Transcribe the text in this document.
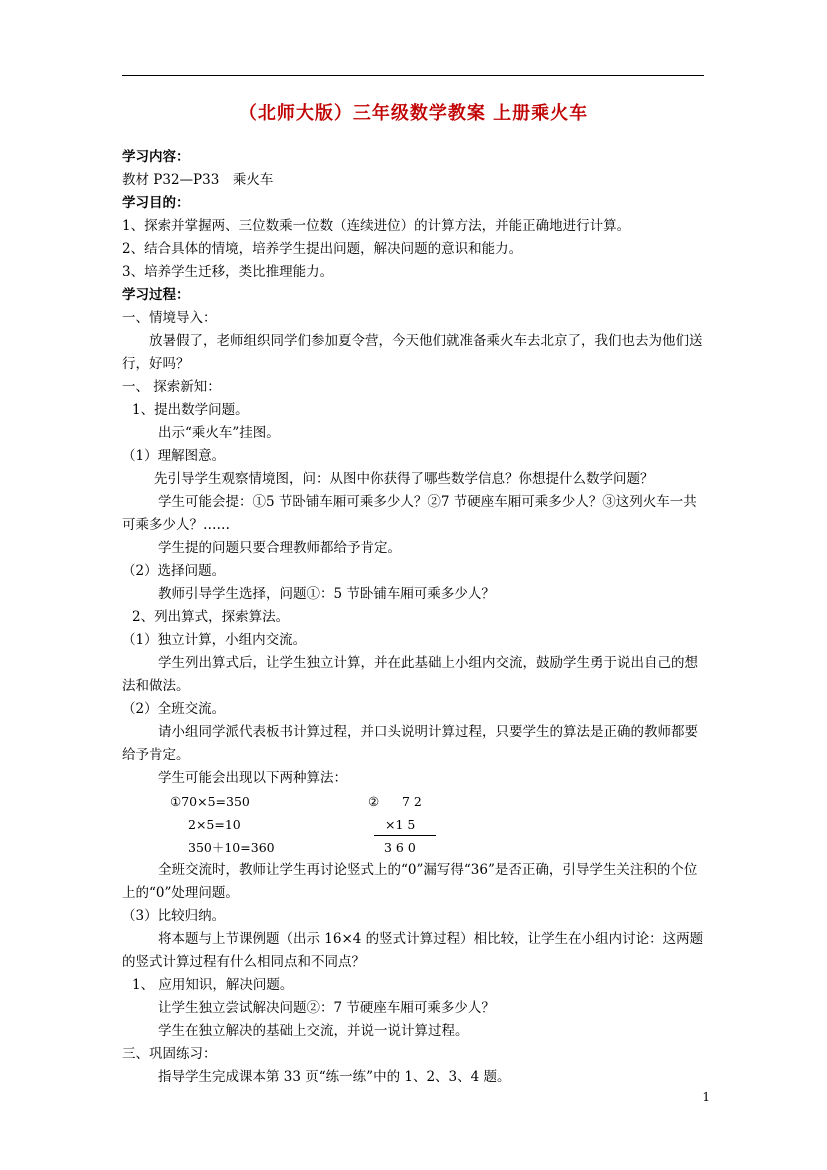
（北师大版）三年级数学教案 上册乘火车

学习内容：

教材 P32—P33　乘火车

学习目的：

1、探索并掌握两、三位数乘一位数（连续进位）的计算方法，并能正确地进行计算。

2、结合具体的情境，培养学生提出问题，解决问题的意识和能力。

3、培养学生迁移，类比推理能力。

学习过程：

一、情境导入：

放暑假了，老师组织同学们参加夏令营，今天他们就准备乘火车去北京了，我们也去为他们送行，好吗？

一、 探索新知：

1、提出数学问题。

出示“乘火车”挂图。

（1）理解图意。

先引导学生观察情境图，问：从图中你获得了哪些数学信息？你想提什么数学问题？

学生可能会提：①5 节卧铺车厢可乘多少人？②7 节硬座车厢可乘多少人？③这列火车一共可乘多少人？……

学生提的问题只要合理教师都给予肯定。

（2）选择问题。

教师引导学生选择，问题①：5 节卧铺车厢可乘多少人？

2、列出算式，探索算法。

（1）独立计算，小组内交流。

学生列出算式后，让学生独立计算，并在此基础上小组内交流，鼓励学生勇于说出自己的想法和做法。

（2）全班交流。

请小组同学派代表板书计算过程，并口头说明计算过程，只要学生的算法是正确的教师都要给予肯定。

学生可能会出现以下两种算法：

①70×5=350
2×5=10
350＋10=360
② 7 2
×1 5
3 6 0

全班交流时，教师让学生再讨论竖式上的“0”漏写得“36”是否正确，引导学生关注积的个位上的“0”处理问题。

（3）比较归纳。

将本题与上节课例题（出示 16×4 的竖式计算过程）相比较，让学生在小组内讨论：这两题的竖式计算过程有什么相同点和不同点？

1、 应用知识，解决问题。

让学生独立尝试解决问题②：7 节硬座车厢可乘多少人？

学生在独立解决的基础上交流，并说一说计算过程。

三、巩固练习：

指导学生完成课本第 33 页“练一练”中的 1、2、3、4 题。

1
